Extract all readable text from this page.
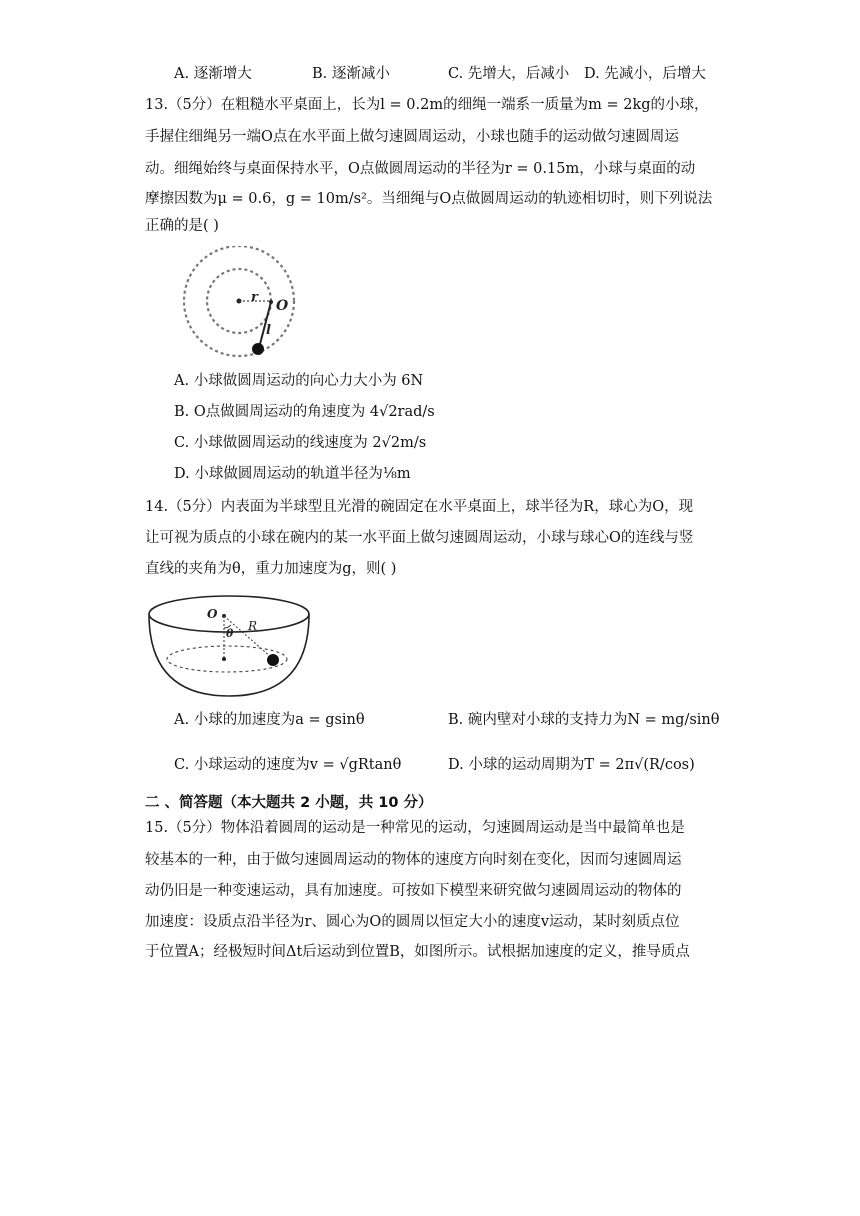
A. 逐渐增大	B. 逐渐减小	C. 先增大，后减小 D. 先减小，后增大
13.（5分）在粗糙水平桌面上，长为l = 0.2m的细绳一端系一质量为m = 2kg的小球，
手握住细绳另一端O点在水平面上做匀速圆周运动，小球也随手的运动做匀速圆周运
动。细绳始终与桌面保持水平，O点做圆周运动的半径为r = 0.15m，小球与桌面的动
摩擦因数为μ = 0.6，g = 10m/s²。当细绳与O点做圆周运动的轨迹相切时，则下列说法
正确的是( )
r
O
l
A. 小球做圆周运动的向心力大小为 6N
B. O点做圆周运动的角速度为 4√2rad/s
C. 小球做圆周运动的线速度为 2√2m/s
D. 小球做圆周运动的轨道半径为⅛m
14.（5分）内表面为半球型且光滑的碗固定在水平桌面上，球半径为R，球心为O，现
让可视为质点的小球在碗内的某一水平面上做匀速圆周运动，小球与球心O的连线与竖
直线的夹角为θ，重力加速度为g，则( )
O
θ
R
A. 小球的加速度为a = gsinθ	B. 碗内壁对小球的支持力为N = mg/sinθ
C. 小球运动的速度为v = √gRtanθ	D. 小球的运动周期为T = 2π√(R/cos)
二 、简答题（本大题共 2 小题，共 10 分）
15.（5分）物体沿着圆周的运动是一种常见的运动，匀速圆周运动是当中最简单也是
较基本的一种，由于做匀速圆周运动的物体的速度方向时刻在变化，因而匀速圆周运
动仍旧是一种变速运动，具有加速度。可按如下模型来研究做匀速圆周运动的物体的
加速度：设质点沿半径为r、圆心为O的圆周以恒定大小的速度v运动，某时刻质点位
于位置A；经极短时间Δt后运动到位置B，如图所示。试根据加速度的定义，推导质点
